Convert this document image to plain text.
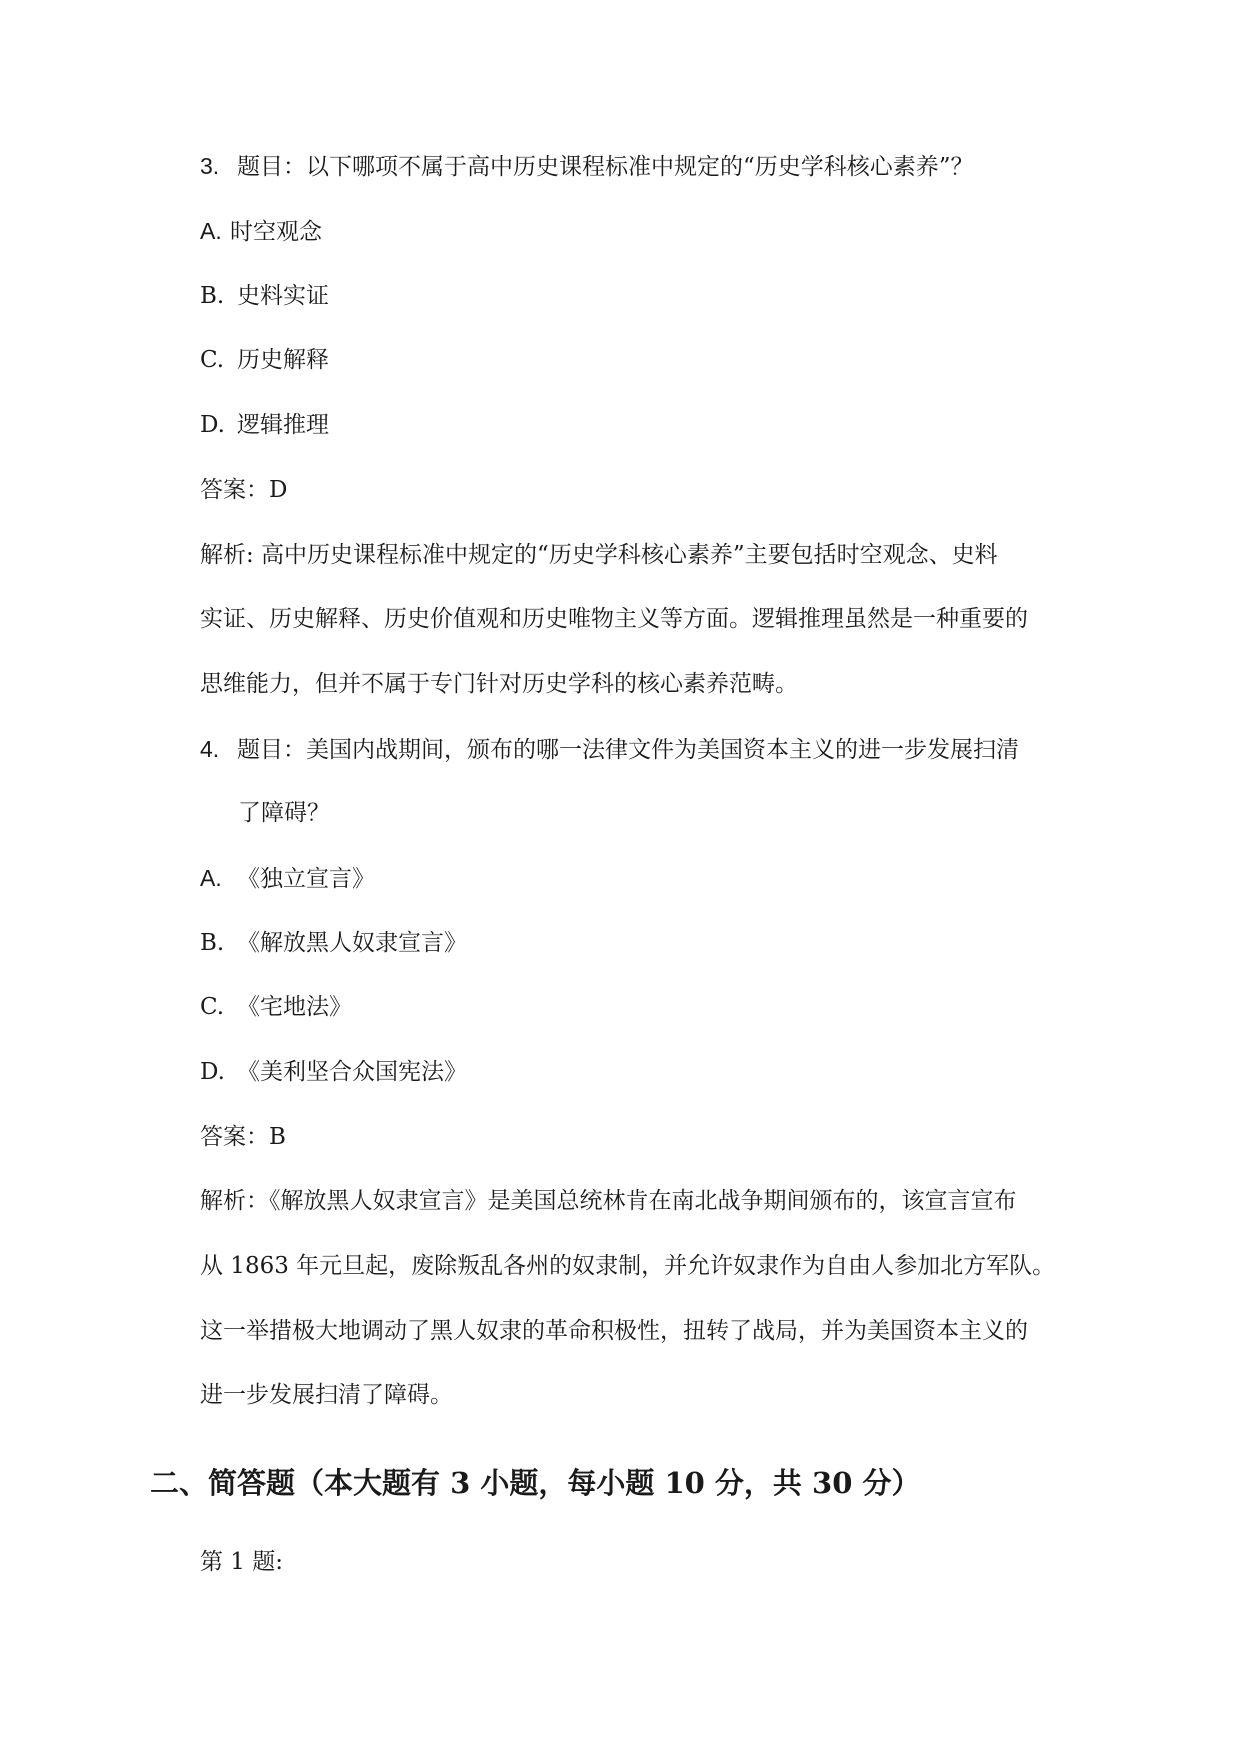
3. 题目：以下哪项不属于高中历史课程标准中规定的“历史学科核心素养”？
A. 时空观念
B. 史料实证
C. 历史解释
D. 逻辑推理
答案：D
解析: 高中历史课程标准中规定的“历史学科核心素养”主要包括时空观念、史料
实证、历史解释、历史价值观和历史唯物主义等方面。逻辑推理虽然是一种重要的
思维能力，但并不属于专门针对历史学科的核心素养范畴。
4. 题目：美国内战期间，颁布的哪一法律文件为美国资本主义的进一步发展扫清
了障碍？
A. 《独立宣言》
B. 《解放黑人奴隶宣言》
C. 《宅地法》
D. 《美利坚合众国宪法》
答案：B
解析：《解放黑人奴隶宣言》是美国总统林肯在南北战争期间颁布的，该宣言宣布
从 1863 年元旦起，废除叛乱各州的奴隶制，并允许奴隶作为自由人参加北方军队。
这一举措极大地调动了黑人奴隶的革命积极性，扭转了战局，并为美国资本主义的
进一步发展扫清了障碍。
二、简答题（本大题有 3 小题，每小题 10 分，共 30 分）
第 1 题:
